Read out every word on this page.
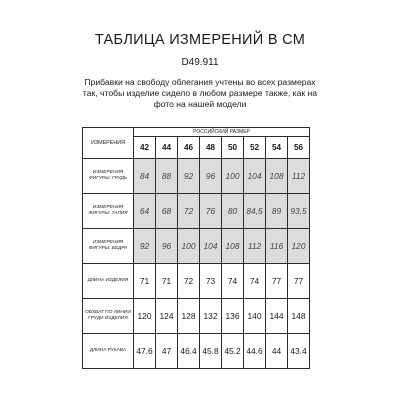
ТАБЛИЦА ИЗМЕРЕНИЙ В СМ
D49.911
Прибавки на свободу облегания учтены во всех размерах так, чтобы изделие сидело в любом размере также, как на фото на нашей модели
ИЗМЕРЕНИЯ	РОССИЙСКИЙ РАЗМЕР							
	42	44	46	48	50	52	54	56
ИЗМЕРЕНИЯ ФИГУРЫ: ГРУДЬ	84	88	92	96	100	104	108	112
ИЗМЕРЕНИЯ ФИГУРЫ: ТАЛИЯ	64	68	72	76	80	84,5	89	93,5
ИЗМЕРЕНИЯ ФИГУРЫ: БЕДРА	92	96	100	104	108	112	116	120
ДЛИНА ИЗДЕЛИЯ	71	71	72	73	74	74	77	77
ОБХВАТ ПО ЛИНИИ ГРУДИ ИЗДЕЛИЯ	120	124	128	132	136	140	144	148
ДЛИНА РУКАВА	47.6	47	46.4	45.8	45.2	44.6	44	43.4
